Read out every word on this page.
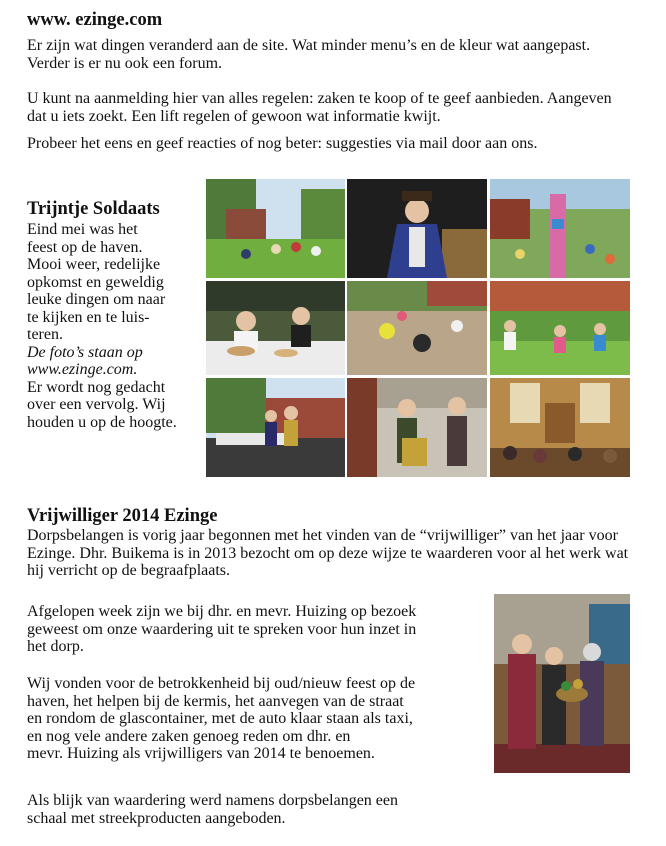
www. ezinge.com
Er zijn wat dingen veranderd aan de site. Wat minder menu’s en de kleur wat aangepast. Verder is er nu ook een forum.
U kunt na aanmelding hier van alles regelen: zaken te koop of te geef aanbieden. Aangeven dat u iets zoekt. Een lift regelen of gewoon wat informatie kwijt.
Probeer het eens en geef reacties of nog beter: suggesties via mail door aan ons.
Trijntje Soldaats
Eind mei was het
feest op de haven.
Mooi weer, redelijke
opkomst en geweldig
leuke dingen om naar
te kijken en te luis-
teren.
De foto’s staan op
www.ezinge.com.
Er wordt nog gedacht
over een vervolg. Wij
houden u op de hoogte.
Vrijwilliger 2014 Ezinge
Dorpsbelangen is vorig jaar begonnen met het vinden van de “vrijwilliger” van het jaar voor Ezinge. Dhr. Buikema is in 2013 bezocht om op deze wijze te waarderen voor al het werk wat hij verricht op de begraafplaats.
Afgelopen week zijn we bij dhr. en mevr. Huizing op bezoek
geweest om onze waardering uit te spreken voor hun inzet in
het dorp.
Wij vonden voor de betrokkenheid bij oud/nieuw feest op de
haven, het helpen bij de kermis, het aanvegen van de straat
en rondom de glascontainer, met de auto klaar staan als taxi,
en nog vele andere zaken genoeg reden om dhr. en
mevr. Huizing als vrijwilligers van 2014 te benoemen.
Als blijk van waardering werd namens dorpsbelangen een
schaal met streekproducten aangeboden.
